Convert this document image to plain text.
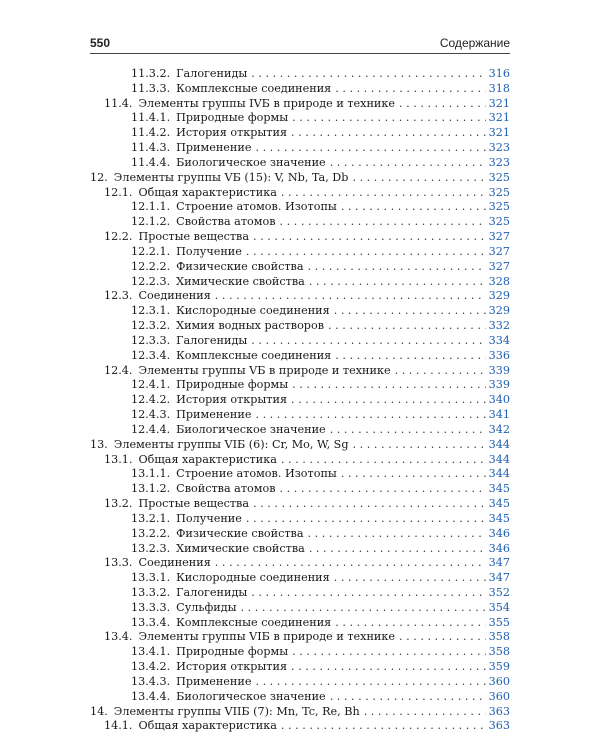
550	Содержание
11.3.2. Галогениды . . .	316
11.3.3. Комплексные соединения . . .	318
11.4. Элементы группы IVБ в природе и технике . . .	321
11.4.1. Природные формы . . .	321
11.4.2. История открытия . . .	321
11.4.3. Применение . . .	323
11.4.4. Биологическое значение . . .	323
12. Элементы группы VБ (15): V, Nb, Ta, Db . . .	325
12.1. Общая характеристика . . .	325
12.1.1. Строение атомов. Изотопы . . .	325
12.1.2. Свойства атомов . . .	325
12.2. Простые вещества . . .	327
12.2.1. Получение . . .	327
12.2.2. Физические свойства . . .	327
12.2.3. Химические свойства . . .	328
12.3. Соединения . . .	329
12.3.1. Кислородные соединения . . .	329
12.3.2. Химия водных растворов . . .	332
12.3.3. Галогениды . . .	334
12.3.4. Комплексные соединения . . .	336
12.4. Элементы группы VБ в природе и технике . . .	339
12.4.1. Природные формы . . .	339
12.4.2. История открытия . . .	340
12.4.3. Применение . . .	341
12.4.4. Биологическое значение . . .	342
13. Элементы группы VIБ (6): Cr, Mo, W, Sg . . .	344
13.1. Общая характеристика . . .	344
13.1.1. Строение атомов. Изотопы . . .	344
13.1.2. Свойства атомов . . .	345
13.2. Простые вещества . . .	345
13.2.1. Получение . . .	345
13.2.2. Физические свойства . . .	346
13.2.3. Химические свойства . . .	346
13.3. Соединения . . .	347
13.3.1. Кислородные соединения . . .	347
13.3.2. Галогениды . . .	352
13.3.3. Сульфиды . . .	354
13.3.4. Комплексные соединения . . .	355
13.4. Элементы группы VIБ в природе и технике . . .	358
13.4.1. Природные формы . . .	358
13.4.2. История открытия . . .	359
13.4.3. Применение . . .	360
13.4.4. Биологическое значение . . .	360
14. Элементы группы VIIБ (7): Mn, Tc, Re, Bh . . .	363
14.1. Общая характеристика . . .	363
